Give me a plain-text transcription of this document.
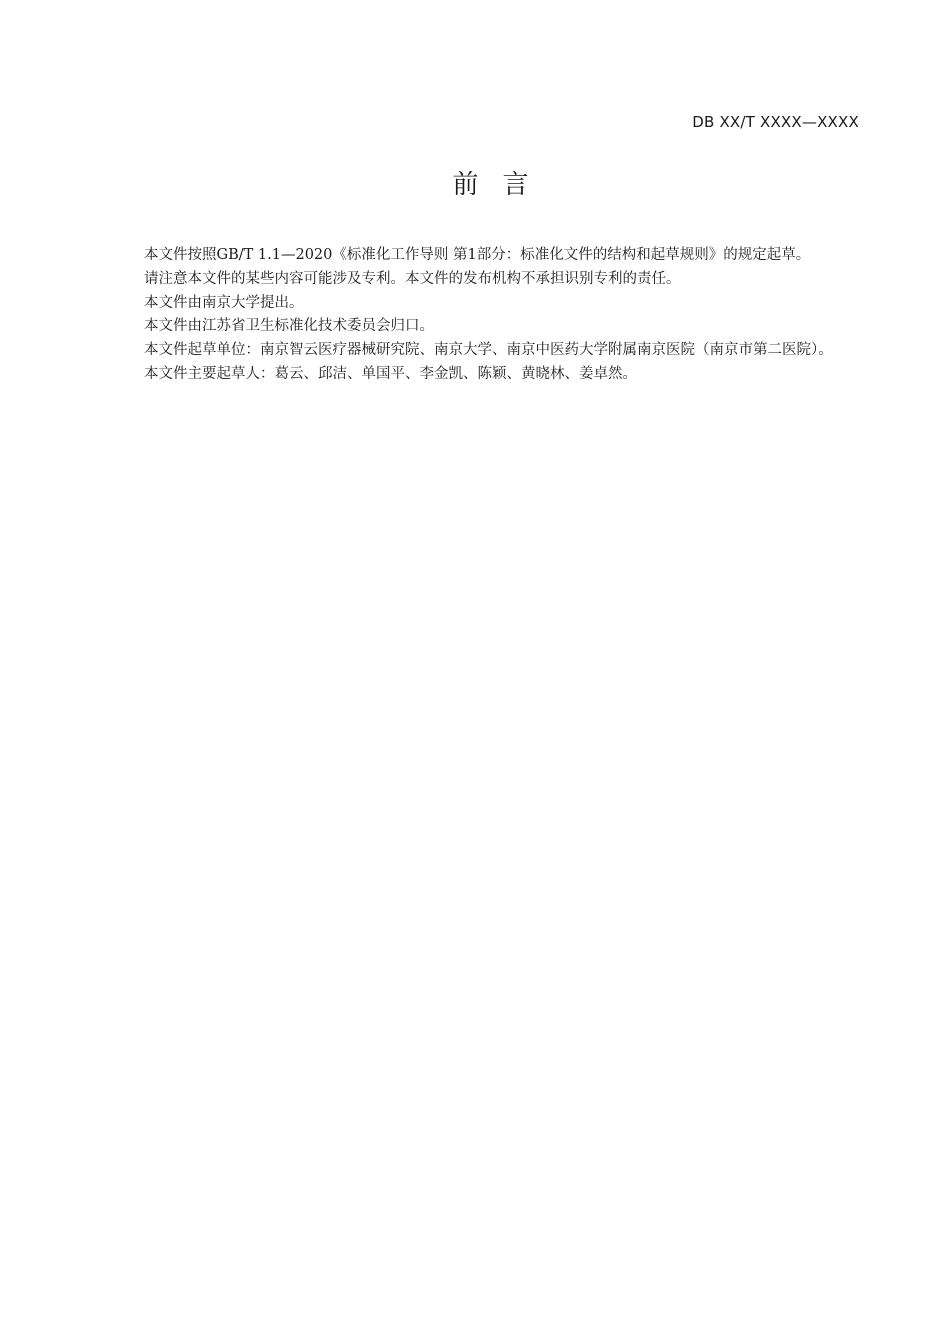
DB XX/T XXXX—XXXX
前言

本文件按照GB/T 1.1—2020《标准化工作导则 第1部分：标准化文件的结构和起草规则》的规定起草。

请注意本文件的某些内容可能涉及专利。本文件的发布机构不承担识别专利的责任。

本文件由南京大学提出。

本文件由江苏省卫生标准化技术委员会归口。

本文件起草单位：南京智云医疗器械研究院、南京大学、南京中医药大学附属南京医院（南京市第二医院）。

本文件主要起草人：葛云、邱洁、单国平、李金凯、陈颖、黄晓林、姜卓然。
